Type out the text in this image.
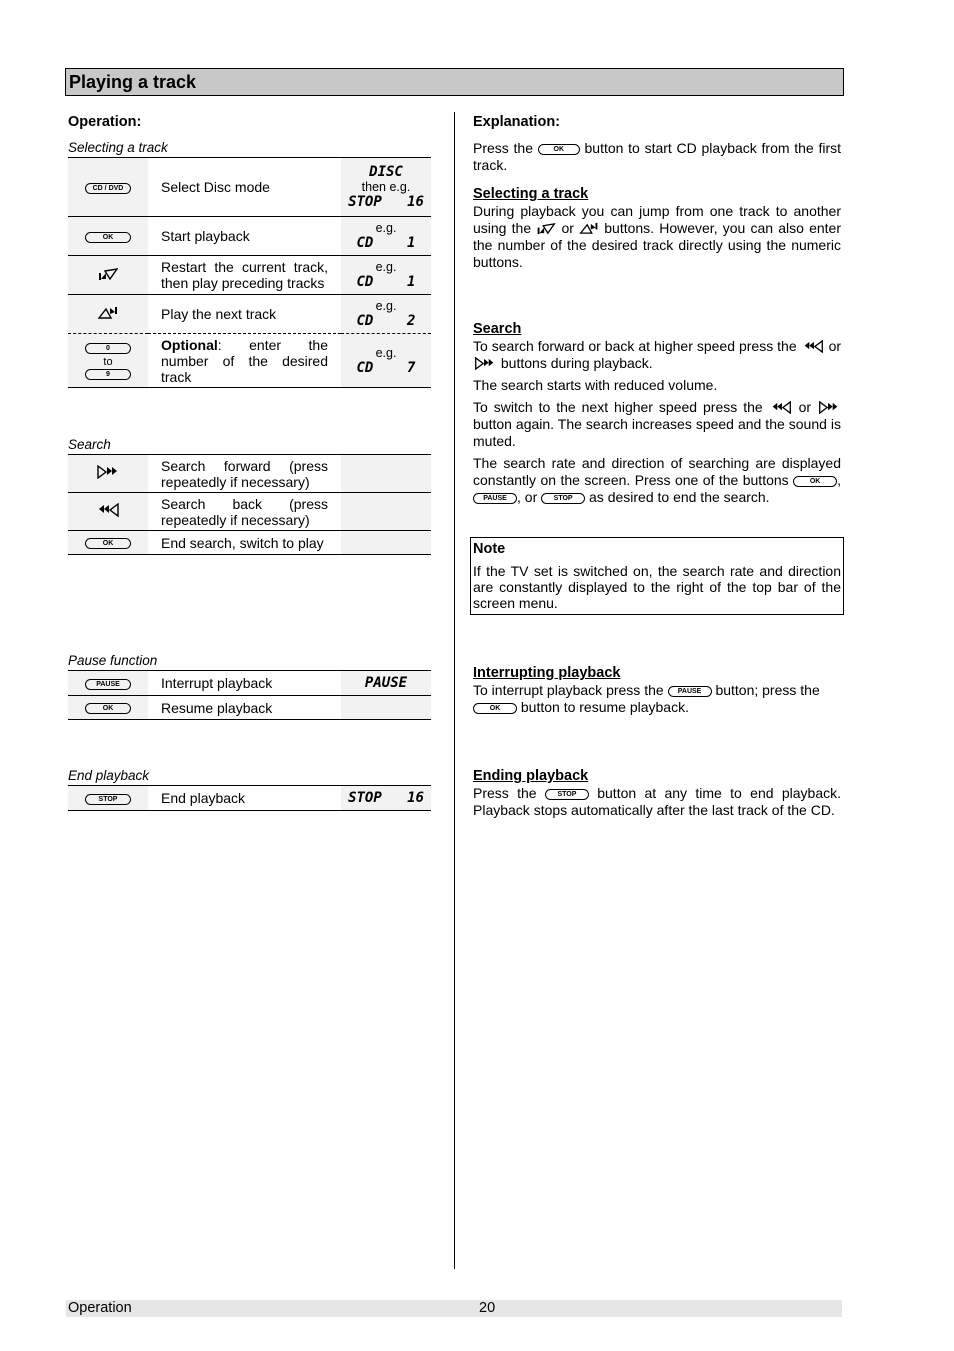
Playing a track
Operation:
Selecting a track
CD / DVD	Select Disc mode	DISC
then e.g.
STOP   16

OK	Start playback	e.g.
CD    1

	Restart the current track, then play preceding tracks	e.g.
CD    1

	Play the next track	e.g.
CD    2

0
to
9	Optional: enter the number of the desired track	e.g.
CD    7
Search
	Search forward (press repeatedly if necessary)	
	Search back (press repeatedly if necessary)	
OK	End search, switch to play	
Pause function
PAUSE	Interrupt playback	PAUSE

OK	Resume playback	
End playback
STOP	End playback	STOP   16
Explanation:

Press the	OK button to start CD playback from the first track.

Selecting a track

During playback you can jump from one track to another using the or buttons. However, you can also enter the number of the desired track directly using the numeric buttons.

Search

To search forward or back at higher speed press the or  buttons during playback.

The search starts with reduced volume.

To switch to the next higher speed press the	or  button again. The search increases speed and the sound is muted.

The search rate and direction of searching are displayed constantly on the screen. Press one of the buttons	OK , PAUSE , or STOP as desired to end the search.

Note
If the TV set is switched on, the search rate and direction are constantly displayed to the right of the top bar of the screen menu.
Interrupting playback

To interrupt playback press the PAUSE button; press the
OK button to resume playback.

Ending playback

Press the	STOP button at any time to end playback. Playback stops automatically after the last track of the CD.

Operation	20
